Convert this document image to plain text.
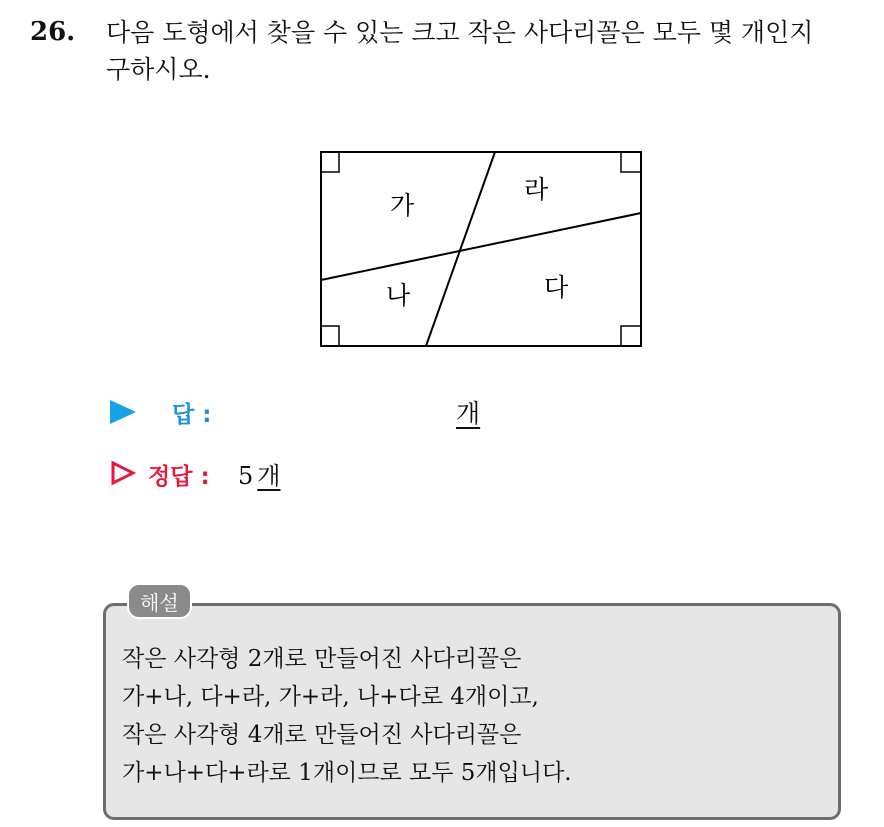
26. 다음 도형에서 찾을 수 있는 크고 작은 사다리꼴은 모두 몇 개인지
구하시오.
가
라
나	다
답 :	개
정답 : 5 개
해설
작은 사각형 2개로 만들어진 사다리꼴은
가+나, 다+라, 가+라, 나+다로 4개이고,
작은 사각형 4개로 만들어진 사다리꼴은
가+나+다+라로 1개이므로 모두 5개입니다.
